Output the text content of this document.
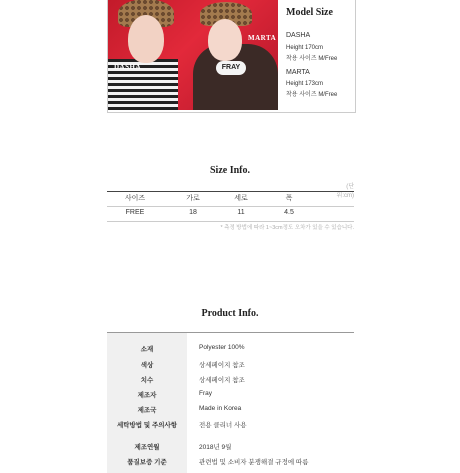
FRAY
DASHA
MARTA
Model Size
DASHA
Height 170cm
착용 사이즈 M/Free
MARTA
Height 173cm
착용 사이즈 M/Free
Size Info.
(단위:cm)
사이즈	가로	세로	폭
FREE	18	11	4.5
* 측정 방법에 따라 1~3cm정도 오차가 있을 수 있습니다.
Product Info.
소재	Polyester 100%
색상	상세페이지 참조
치수	상세페이지 참조
제조자	Fray
제조국	Made in Korea
세탁방법 및 주의사항	전용 클리너 사용
제조연월	2018년 9월
품질보증 기준	관련법 및 소비자 분쟁해결 규정에 따름
